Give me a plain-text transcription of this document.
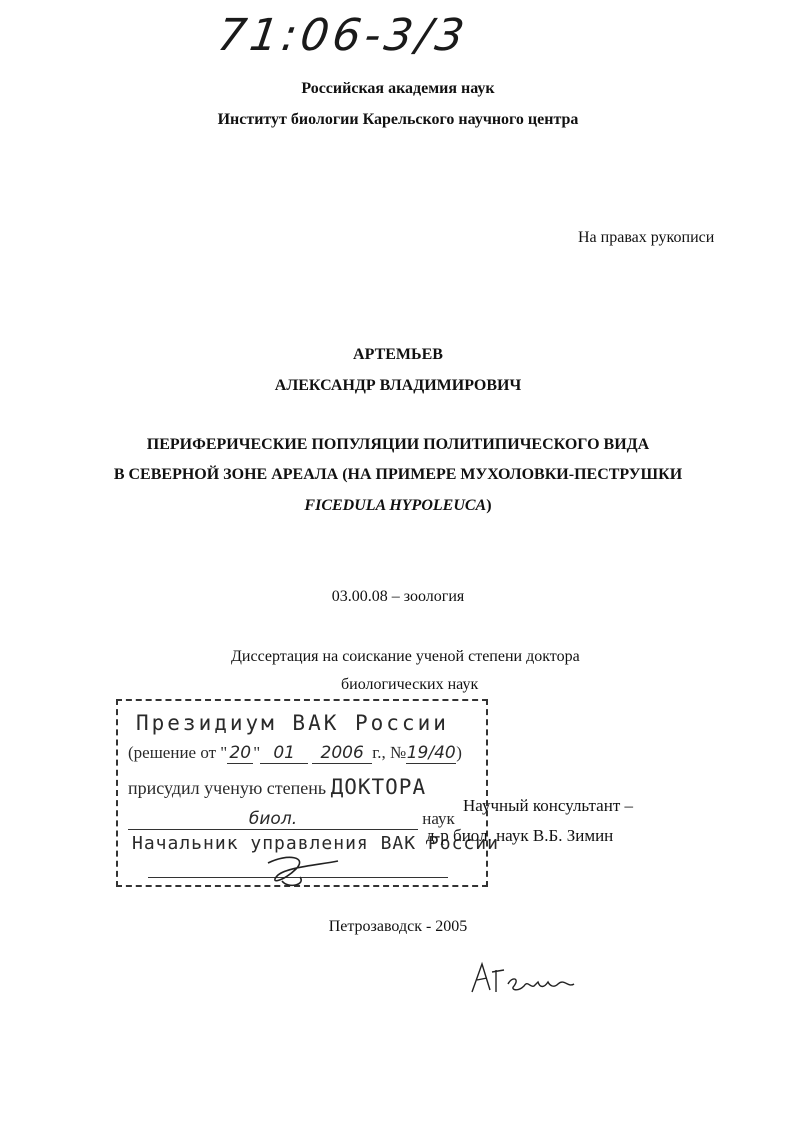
71:06-3/3
Российская академия наук
Институт биологии Карельского научного центра
На правах рукописи
АРТЕМЬЕВ
АЛЕКСАНДР ВЛАДИМИРОВИЧ
ПЕРИФЕРИЧЕСКИЕ ПОПУЛЯЦИИ ПОЛИТИПИЧЕСКОГО ВИДА
В СЕВЕРНОЙ ЗОНЕ АРЕАЛА (НА ПРИМЕРЕ МУХОЛОВКИ-ПЕСТРУШКИ
FICEDULA HYPOLEUCA)
03.00.08 – зоология
Диссертация на соискание ученой степени доктора
биологических наук
Президиум ВАК России
(решение от " 20 " 01 2006 г., №19/40)
присудил ученую степень ДОКТОРА
биол.	наук
Начальник управления ВАК России
Научный консультант –
д-р биол. наук В.Б. Зимин
Петрозаводск - 2005
